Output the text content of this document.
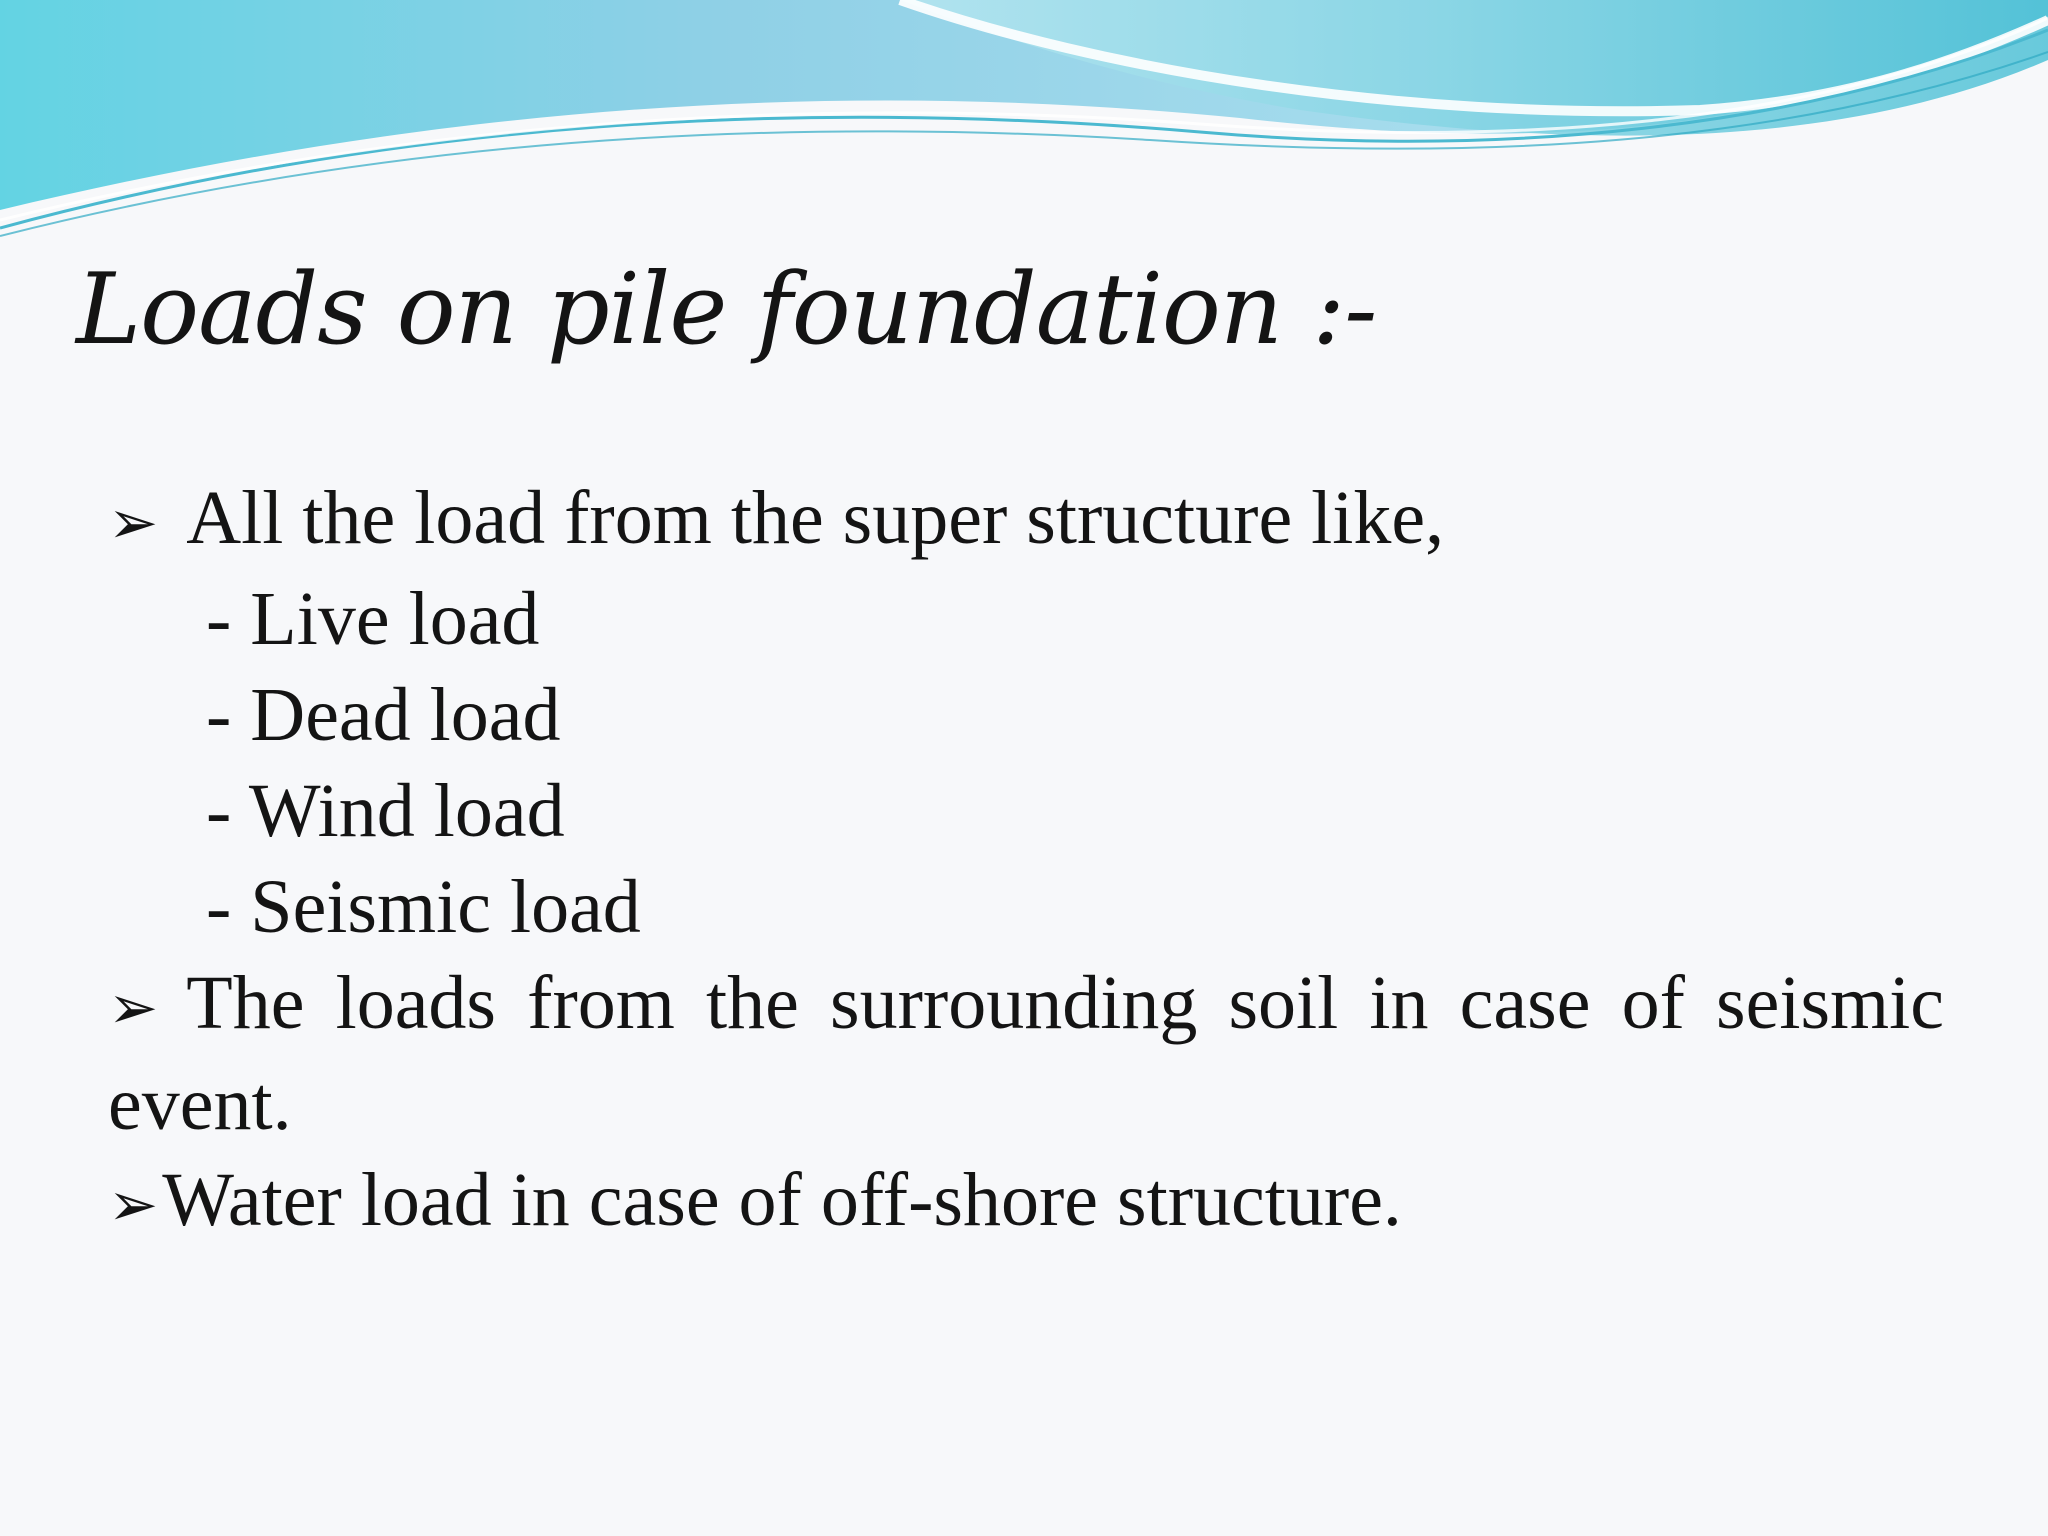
Loads on pile foundation :-
➢ All the load from the super structure like,
- Live load
- Dead load
- Wind load
- Seismic load
➢ The loads from the surrounding soil in case of seismic event.
➢Water load in case of off-shore structure.
